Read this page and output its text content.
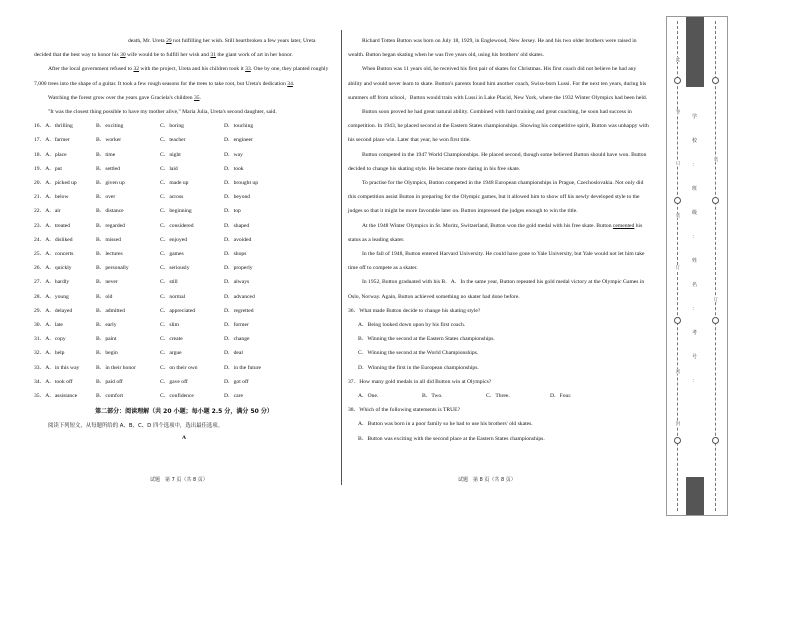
death, Mr. Ureta 29 not fulfilling her wish. Still heartbroken a few years later, Ureta decided that the best way to honor his 30 wife would be to fulfill her wish and 31 the giant work of art in her honor.

After the local government refused to 32 with the project, Ureta and his children took it 33. One by one, they planted roughly 7,000 trees into the shape of a guitar. It took a few rough seasons for the trees to take root, but Ureta's dedication 34.

Watching the forest grow over the years gave Graciela's children 35.

"It was the closest thing possible to have my mother alive," Maria Julia, Ureta's second daughter, said.

16．A．thrilling	B．exciting	C．boring	D．touching
17．A．farmer	B．worker	C．teacher	D．engineer
18．A．place	B．time	C．night	D．way
19．A．put	B．settled	C．laid	D．took
20．A．picked up	B．given up	C．made up	D．brought up
21．A．below	B．over	C．across	D．beyond
22．A．air	B．distance	C．beginning	D．top
23．A．treated	B．regarded	C．considered	D．shaped
24．A．disliked	B．missed	C．enjoyed	D．avoided
25．A．concerts	B．lectures	C．games	D．shops
26．A．quickly	B．personally	C．seriously	D．properly
27．A．hardly	B．never	C．still	D．always
28．A．young	B．old	C．normal	D．advanced
29．A．delayed	B．admitted	C．appreciated	D．regretted
30．A．late	B．early	C．slim	D．former
31．A．copy	B．paint	C．create	D．change
32．A．help	B．begin	C．argue	D．deal
33．A．in this way	B．in their honor	C．on their own	D．in the future
34．A．took off	B．paid off	C．gave off	D．got off
35．A．assistance	B．comfort	C．confidence	D．care
第二部分：阅读理解（共 20 小题；每小题 2.5 分，满分 50 分）

阅读下列短文，从每题所给的 A、B、C、D 四个选项中，选出最佳选项。

A
试题　第 7 页（共 8 页）

Richard Totten Button was born on July 18, 1929, in Englewood, New Jersey. He and his two older brothers were raised in wealth. Button began skating when he was five years old, using his brothers' old skates.

When Button was 11 years old, he received his first pair of skates for Christmas. His first coach did not believe he had any ability and would never learn to skate. Button's parents found him another coach, Swiss-born Lussi. For the next ten years, during his summers off from school，Button would train with Lussi in Lake Placid, New York, where the 1932 Winter Olympics had been held.

Button soon proved he had great natural ability. Combined with hard training and great coaching, he soon had success in competition. In 1943, he placed second at the Eastern States championships. Showing his competitive spirit, Button was unhappy with his second place win. Later that year, he won first title.

Button competed in the 1947 World Championships. He placed second, though some believed Button should have won. Button decided to change his skating style. He became more daring in his free skate.

To practise for the Olympics, Button competed in the 1948 European championships in Prague, Czechoslovakia. Not only did this competition assist Button in preparing for the Olympic games, but it allowed him to show off his newly developed style to the judges so that it might be more favorable later on. Button impressed the judges enough to win the title.

At the 1948 Winter Olympics in St. Moritz, Switzerland, Button won the gold medal with his free skate. Button cemented his status as a leading skater.

In the fall of 1948, Button entered Harvard University. He could have gone to Yale University, but Yale would not let him take time off to compete as a skater.

In 1952, Button graduated with his B．A．In the same year, Button repeated his gold medal victory at the Olympic Games in Oslo, Norway. Again, Button achieved something no skater had done before.

36．What made Button decide to change his skating style?

A．Being looked down upon by his first coach.

B．Winning the second at the Eastern States championships.

C．Winning the second at the World Championships.

D．Winning the first in the European championships.

37．How many gold medals in all did Button win at Olympics?

A．One.	B．Two.	C．Three.	D．Four.

38．Which of the following statements is TRUE?

A．Button was born in a poor family so he had to use his brothers' old skates.

B．Button was exciting with the second place at the Eastern States championships.

试题　第 8 页（共 8 页）
学
校
：
班
级
：
姓
名
：
考
号
：
此
卷
只
装
订
密
封
装
订
